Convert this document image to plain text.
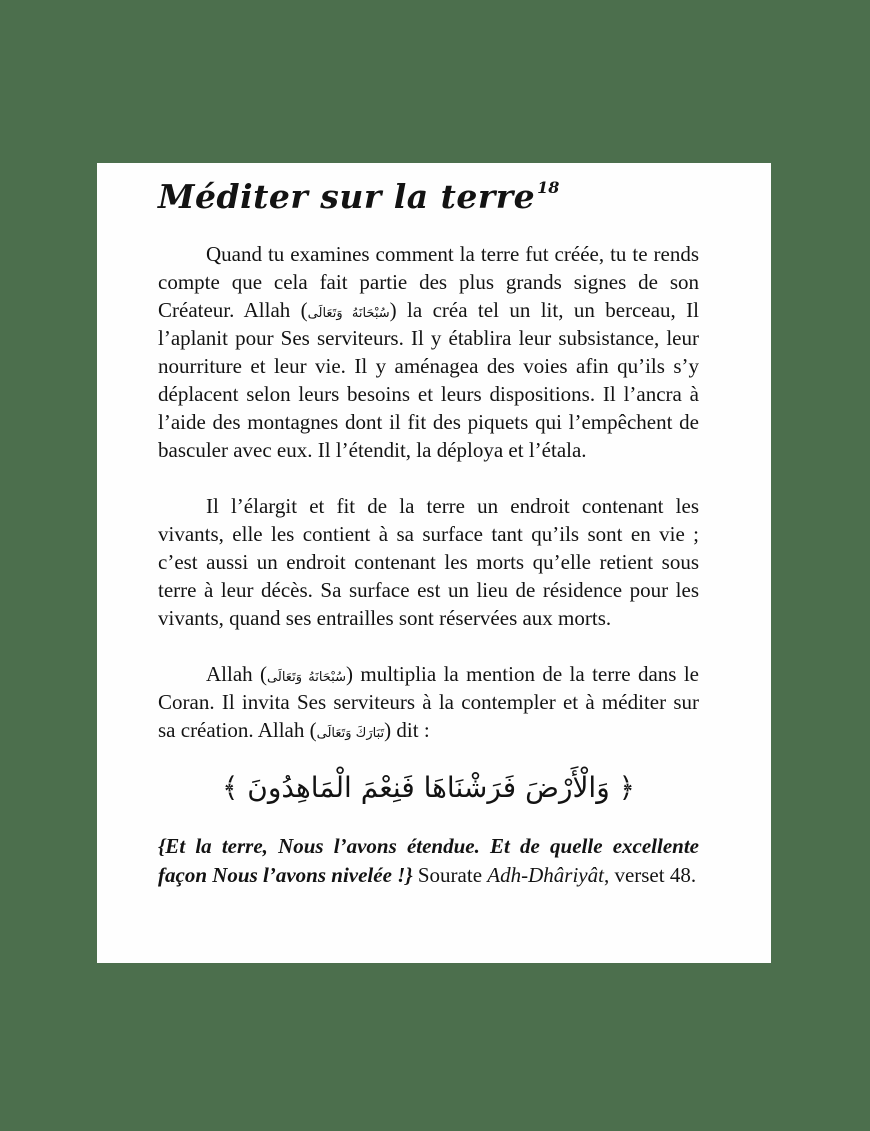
Méditer sur la terre $^{18}$

Quand tu examines comment la terre fut créée, tu te rends compte que cela fait partie des plus grands signes de son Créateur. Allah (سُبْحَانَهُ وَتَعَالَى) la créa tel un lit, un berceau, Il l’aplanit pour Ses serviteurs. Il y établira leur subsistance, leur nourriture et leur vie. Il y aménagea des voies afin qu’ils s’y déplacent selon leurs besoins et leurs dispositions. Il l’ancra à l’aide des montagnes dont il fit des piquets qui l’empêchent de basculer avec eux. Il l’étendit, la déploya et l’étala.

Il l’élargit et fit de la terre un endroit contenant les vivants, elle les contient à sa surface tant qu’ils sont en vie ; c’est aussi un endroit contenant les morts qu’elle retient sous terre à leur décès. Sa surface est un lieu de résidence pour les vivants, quand ses entrailles sont réservées aux morts.

Allah (سُبْحَانَهُ وَتَعَالَى) multiplia la mention de la terre dans le Coran. Il invita Ses serviteurs à la contempler et à méditer sur sa création. Allah (تَبَارَكَ وَتَعَالَى) dit :

﴿ وَالْأَرْضَ فَرَشْنَاهَا فَنِعْمَ الْمَاهِدُونَ ﴾

{Et la terre, Nous l’avons étendue. Et de quelle excellente façon Nous l’avons nivelée !} Sourate Adh-Dhâriyât, verset 48.
